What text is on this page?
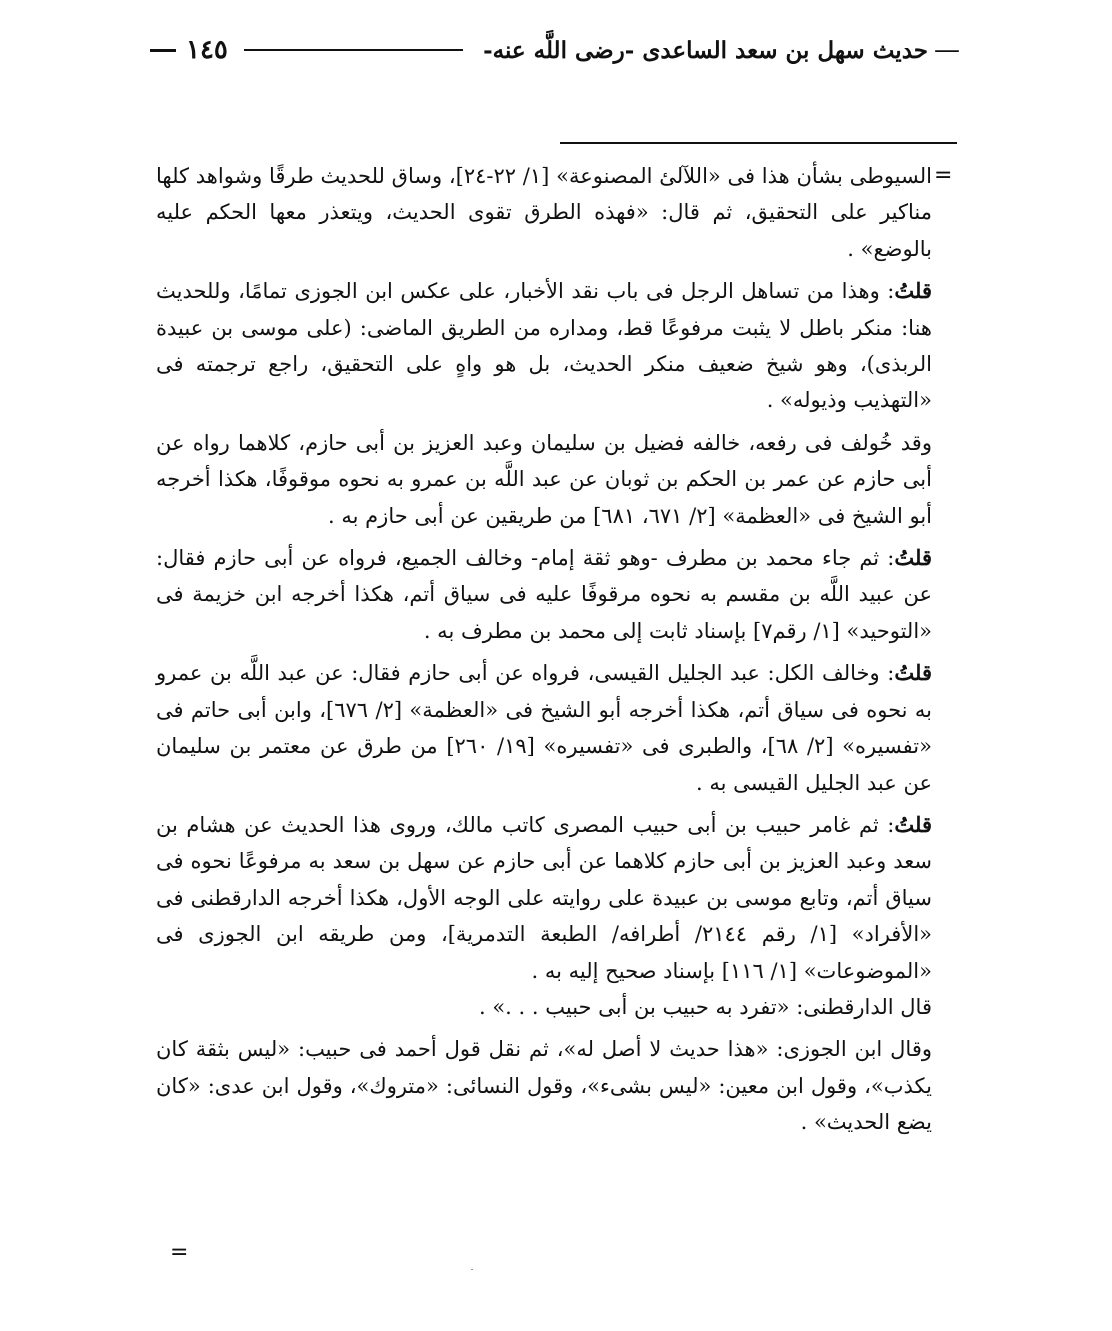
—
حديث سهل بن سعد الساعدى -رضى اللَّه عنه-
١٤٥
=

السيوطى بشأن هذا فى «اللآلئ المصنوعة» [١/ ٢٢-٢٤]، وساق للحديث طرقًا وشواهد كلها مناكير على التحقيق، ثم قال: «فهذه الطرق تقوى الحديث، ويتعذر معها الحكم عليه بالوضع» .

قلتُ: وهذا من تساهل الرجل فى باب نقد الأخبار، على عكس ابن الجوزى تمامًا، وللحديث هنا: منكر باطل لا يثبت مرفوعًا قط، ومداره من الطريق الماضى: (على موسى بن عبيدة الربذى)، وهو شيخ ضعيف منكر الحديث، بل هو واهٍ على التحقيق، راجع ترجمته فى «التهذيب وذيوله» .

وقد خُولف فى رفعه، خالفه فضيل بن سليمان وعبد العزيز بن أبى حازم، كلاهما رواه عن أبى حازم عن عمر بن الحكم بن ثوبان عن عبد اللَّه بن عمرو به نحوه موقوفًا، هكذا أخرجه أبو الشيخ فى «العظمة» [٢/ ٦٧١، ٦٨١] من طريقين عن أبى حازم به .

قلتُ: ثم جاء محمد بن مطرف -وهو ثقة إمام- وخالف الجميع، فرواه عن أبى حازم فقال: عن عبيد اللَّه بن مقسم به نحوه مرقوفًا عليه فى سياق أتم، هكذا أخرجه ابن خزيمة فى «التوحيد» [١/ رقم٧] بإسناد ثابت إلى محمد بن مطرف به .

قلتُ: وخالف الكل: عبد الجليل القيسى، فرواه عن أبى حازم فقال: عن عبد اللَّه بن عمرو به نحوه فى سياق أتم، هكذا أخرجه أبو الشيخ فى «العظمة» [٢/ ٦٧٦]، وابن أبى حاتم فى «تفسيره» [٢/ ٦٨]، والطبرى فى «تفسيره» [١٩/ ٢٦٠] من طرق عن معتمر بن سليمان عن عبد الجليل القيسى به .

قلتُ: ثم غامر حبيب بن أبى حبيب المصرى كاتب مالك، وروى هذا الحديث عن هشام بن سعد وعبد العزيز بن أبى حازم كلاهما عن أبى حازم عن سهل بن سعد به مرفوعًا نحوه فى سياق أتم، وتابع موسى بن عبيدة على روايته على الوجه الأول، هكذا أخرجه الدارقطنى فى «الأفراد» [١/ رقم ٢١٤٤/ أطرافه/ الطبعة التدمرية]، ومن طريقه ابن الجوزى فى «الموضوعات» [١/ ١١٦] بإسناد صحيح إليه به .

قال الدارقطنى: «تفرد به حبيب بن أبى حبيب . . .» .

وقال ابن الجوزى: «هذا حديث لا أصل له»، ثم نقل قول أحمد فى حبيب: «ليس بثقة كان يكذب»، وقول ابن معين: «ليس بشىء»، وقول النسائى: «متروك»، وقول ابن عدى: «كان يضع الحديث» .

=
